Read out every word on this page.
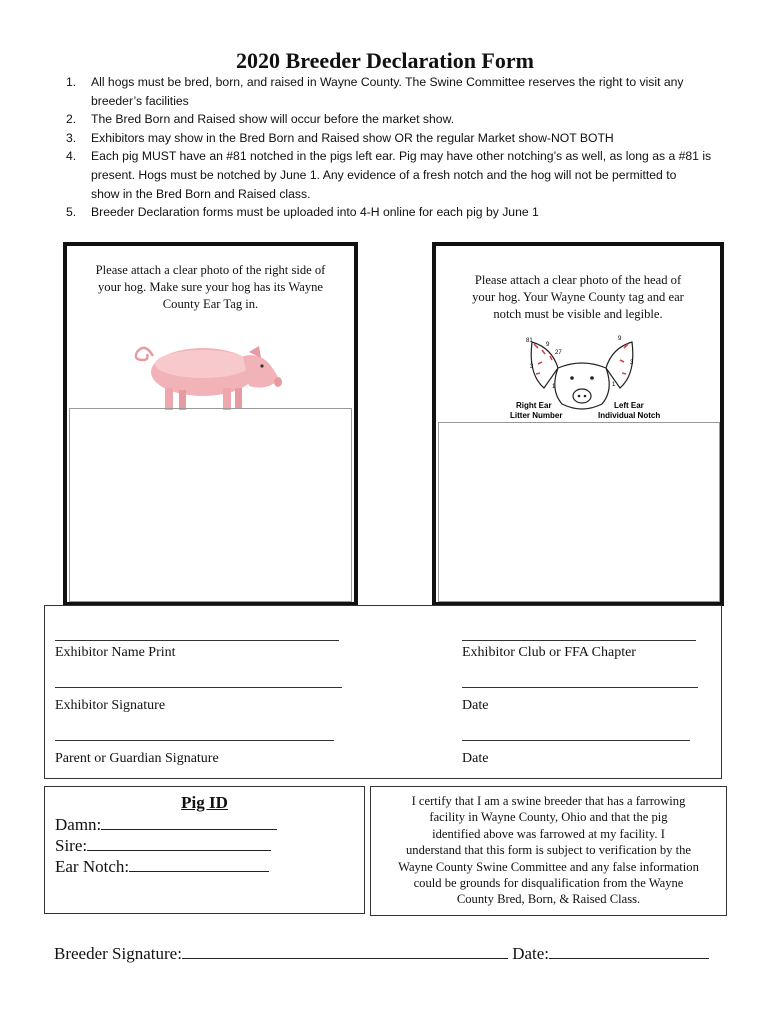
2020 Breeder Declaration Form
1. All hogs must be bred, born, and raised in Wayne County. The Swine Committee reserves the right to visit any
breeder’s facilities
2. The Bred Born and Raised show will occur before the market show.
3. Exhibitors may show in the Bred Born and Raised show OR the regular Market show-NOT BOTH
4. Each pig MUST have an #81 notched in the pigs left ear. Pig may have other notching’s as well, as long as a #81 is
present. Hogs must be notched by June 1. Any evidence of a fresh notch and the hog will not be permitted to
show in the Bred Born and Raised class.
5. Breeder Declaration forms must be uploaded into 4-H online for each pig by June 1
Please attach a clear photo of the right side of
your hog. Make sure your hog has its Wayne
County Ear Tag in.
Please attach a clear photo of the head of
your hog. Your Wayne County tag and ear
notch must be visible and legible.
81
9
27
3
1
9
3
1
Right Ear
Litter Number
Left Ear
Individual Notch
Exhibitor Name Print	Exhibitor Club or FFA Chapter
Exhibitor Signature	Date
Parent or Guardian Signature	Date
Pig ID
Damn:
Sire:
Ear Notch:
I certify that I am a swine breeder that has a farrowing
facility in Wayne County, Ohio and that the pig
identified above was farrowed at my facility. I
understand that this form is subject to verification by the
Wayne County Swine Committee and any false information
could be grounds for disqualification from the Wayne
County Bred, Born, & Raised Class.
Breeder Signature:	Date:
